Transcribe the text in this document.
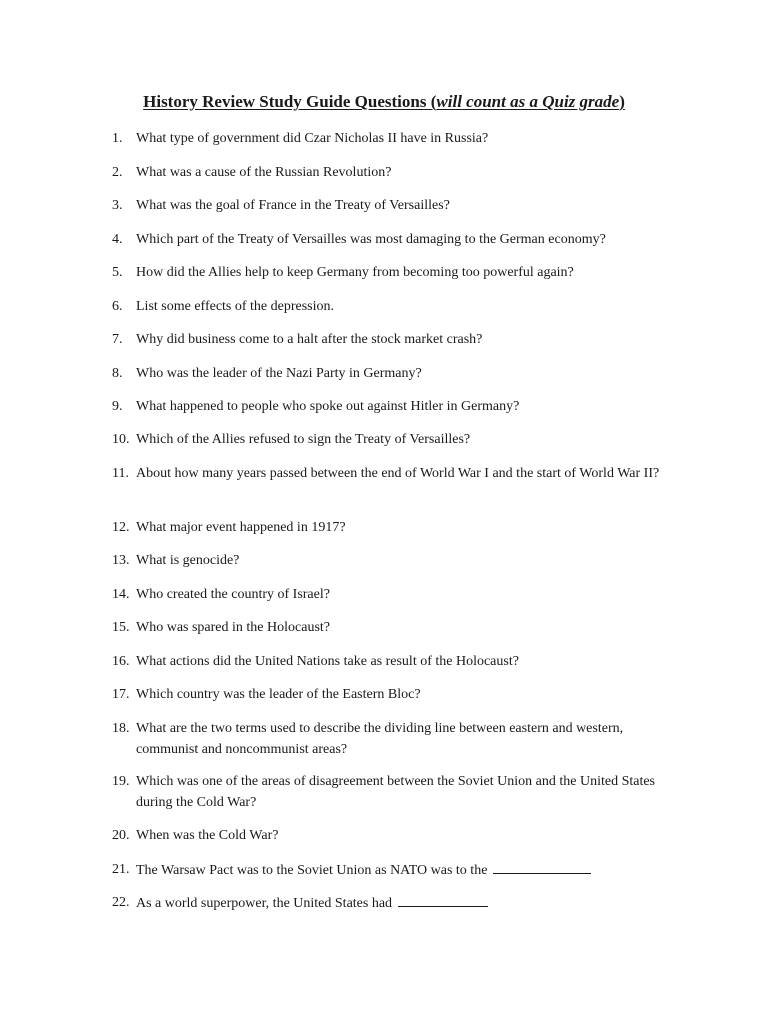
History Review Study Guide Questions (will count as a Quiz grade)
1. What type of government did Czar Nicholas II have in Russia?
2. What was a cause of the Russian Revolution?
3. What was the goal of France in the Treaty of Versailles?
4. Which part of the Treaty of Versailles was most damaging to the German economy?
5. How did the Allies help to keep Germany from becoming too powerful again?
6. List some effects of the depression.
7. Why did business come to a halt after the stock market crash?
8. Who was the leader of the Nazi Party in Germany?
9. What happened to people who spoke out against Hitler in Germany?
10. Which of the Allies refused to sign the Treaty of Versailles?
11. About how many years passed between the end of World War I and the start of World War II?
12. What major event happened in 1917?
13. What is genocide?
14. Who created the country of Israel?
15. Who was spared in the Holocaust?
16. What actions did the United Nations take as result of the Holocaust?
17. Which country was the leader of the Eastern Bloc?
18. What are the two terms used to describe the dividing line between eastern and western, communist and noncommunist areas?
19. Which was one of the areas of disagreement between the Soviet Union and the United States during the Cold War?
20. When was the Cold War?
21. The Warsaw Pact was to the Soviet Union as NATO was to the
22. As a world superpower, the United States had
